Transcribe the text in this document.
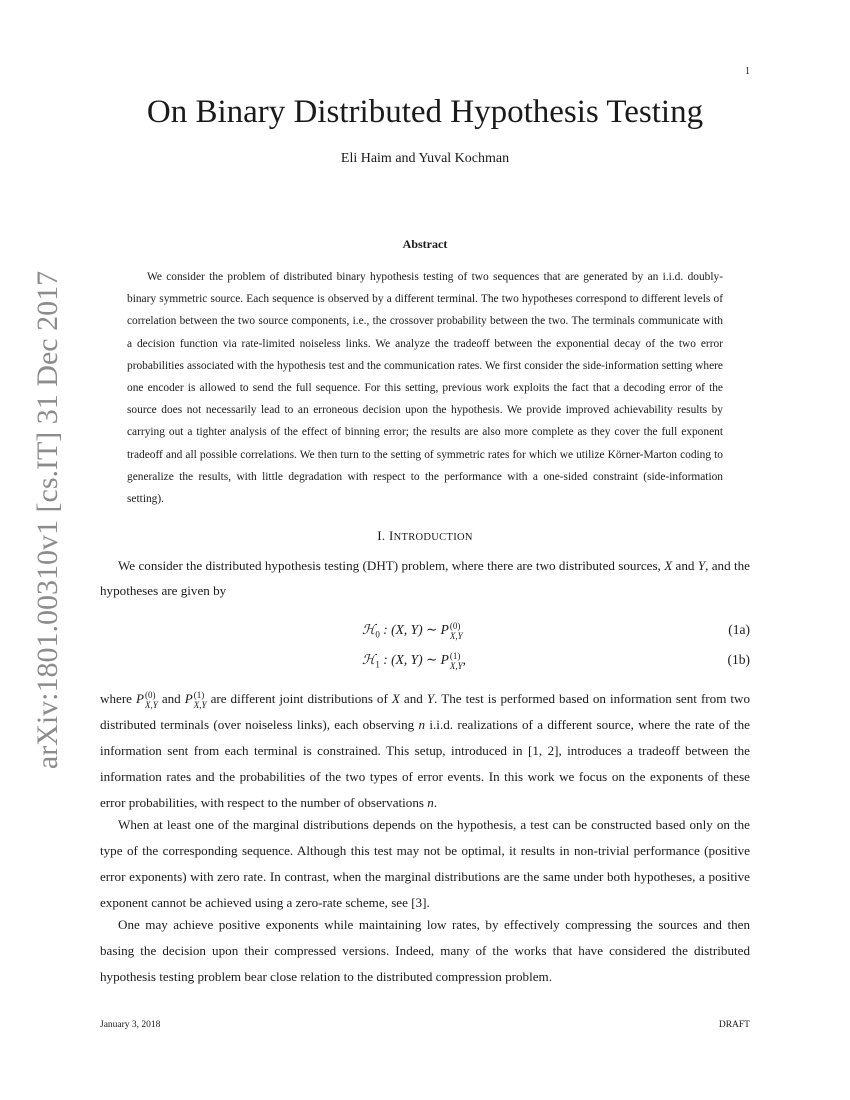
1
arXiv:1801.00310v1 [cs.IT] 31 Dec 2017
On Binary Distributed Hypothesis Testing
Eli Haim and Yuval Kochman
Abstract

We consider the problem of distributed binary hypothesis testing of two sequences that are generated by an i.i.d. doubly-binary symmetric source. Each sequence is observed by a different terminal. The two hypotheses correspond to different levels of correlation between the two source components, i.e., the crossover probability between the two. The terminals communicate with a decision function via rate-limited noiseless links. We analyze the tradeoff between the exponential decay of the two error probabilities associated with the hypothesis test and the communication rates. We first consider the side-information setting where one encoder is allowed to send the full sequence. For this setting, previous work exploits the fact that a decoding error of the source does not necessarily lead to an erroneous decision upon the hypothesis. We provide improved achievability results by carrying out a tighter analysis of the effect of binning error; the results are also more complete as they cover the full exponent tradeoff and all possible correlations. We then turn to the setting of symmetric rates for which we utilize Körner-Marton coding to generalize the results, with little degradation with respect to the performance with a one-sided constraint (side-information setting).

I. INTRODUCTION

We consider the distributed hypothesis testing (DHT) problem, where there are two distributed sources, X and Y, and the hypotheses are given by

ℋ$_0$ : (X, Y) ∼ P (0)
X,Y	(1a)
ℋ$_1$ : (X, Y) ∼ P (1)
X,Y ,	(1b)

where P (0)
X,Y and P (1)
X,Y are different joint distributions of X and Y. The test is performed based on information sent from two distributed terminals (over noiseless links), each observing n i.i.d. realizations of a different source, where the rate of the information sent from each terminal is constrained. This setup, introduced in [1, 2], introduces a tradeoff between the information rates and the probabilities of the two types of error events. In this work we focus on the exponents of these error probabilities, with respect to the number of observations n.

When at least one of the marginal distributions depends on the hypothesis, a test can be constructed based only on the type of the corresponding sequence. Although this test may not be optimal, it results in non-trivial performance (positive error exponents) with zero rate. In contrast, when the marginal distributions are the same under both hypotheses, a positive exponent cannot be achieved using a zero-rate scheme, see [3].

One may achieve positive exponents while maintaining low rates, by effectively compressing the sources and then basing the decision upon their compressed versions. Indeed, many of the works that have considered the distributed hypothesis testing problem bear close relation to the distributed compression problem.

January 3, 2018	DRAFT
